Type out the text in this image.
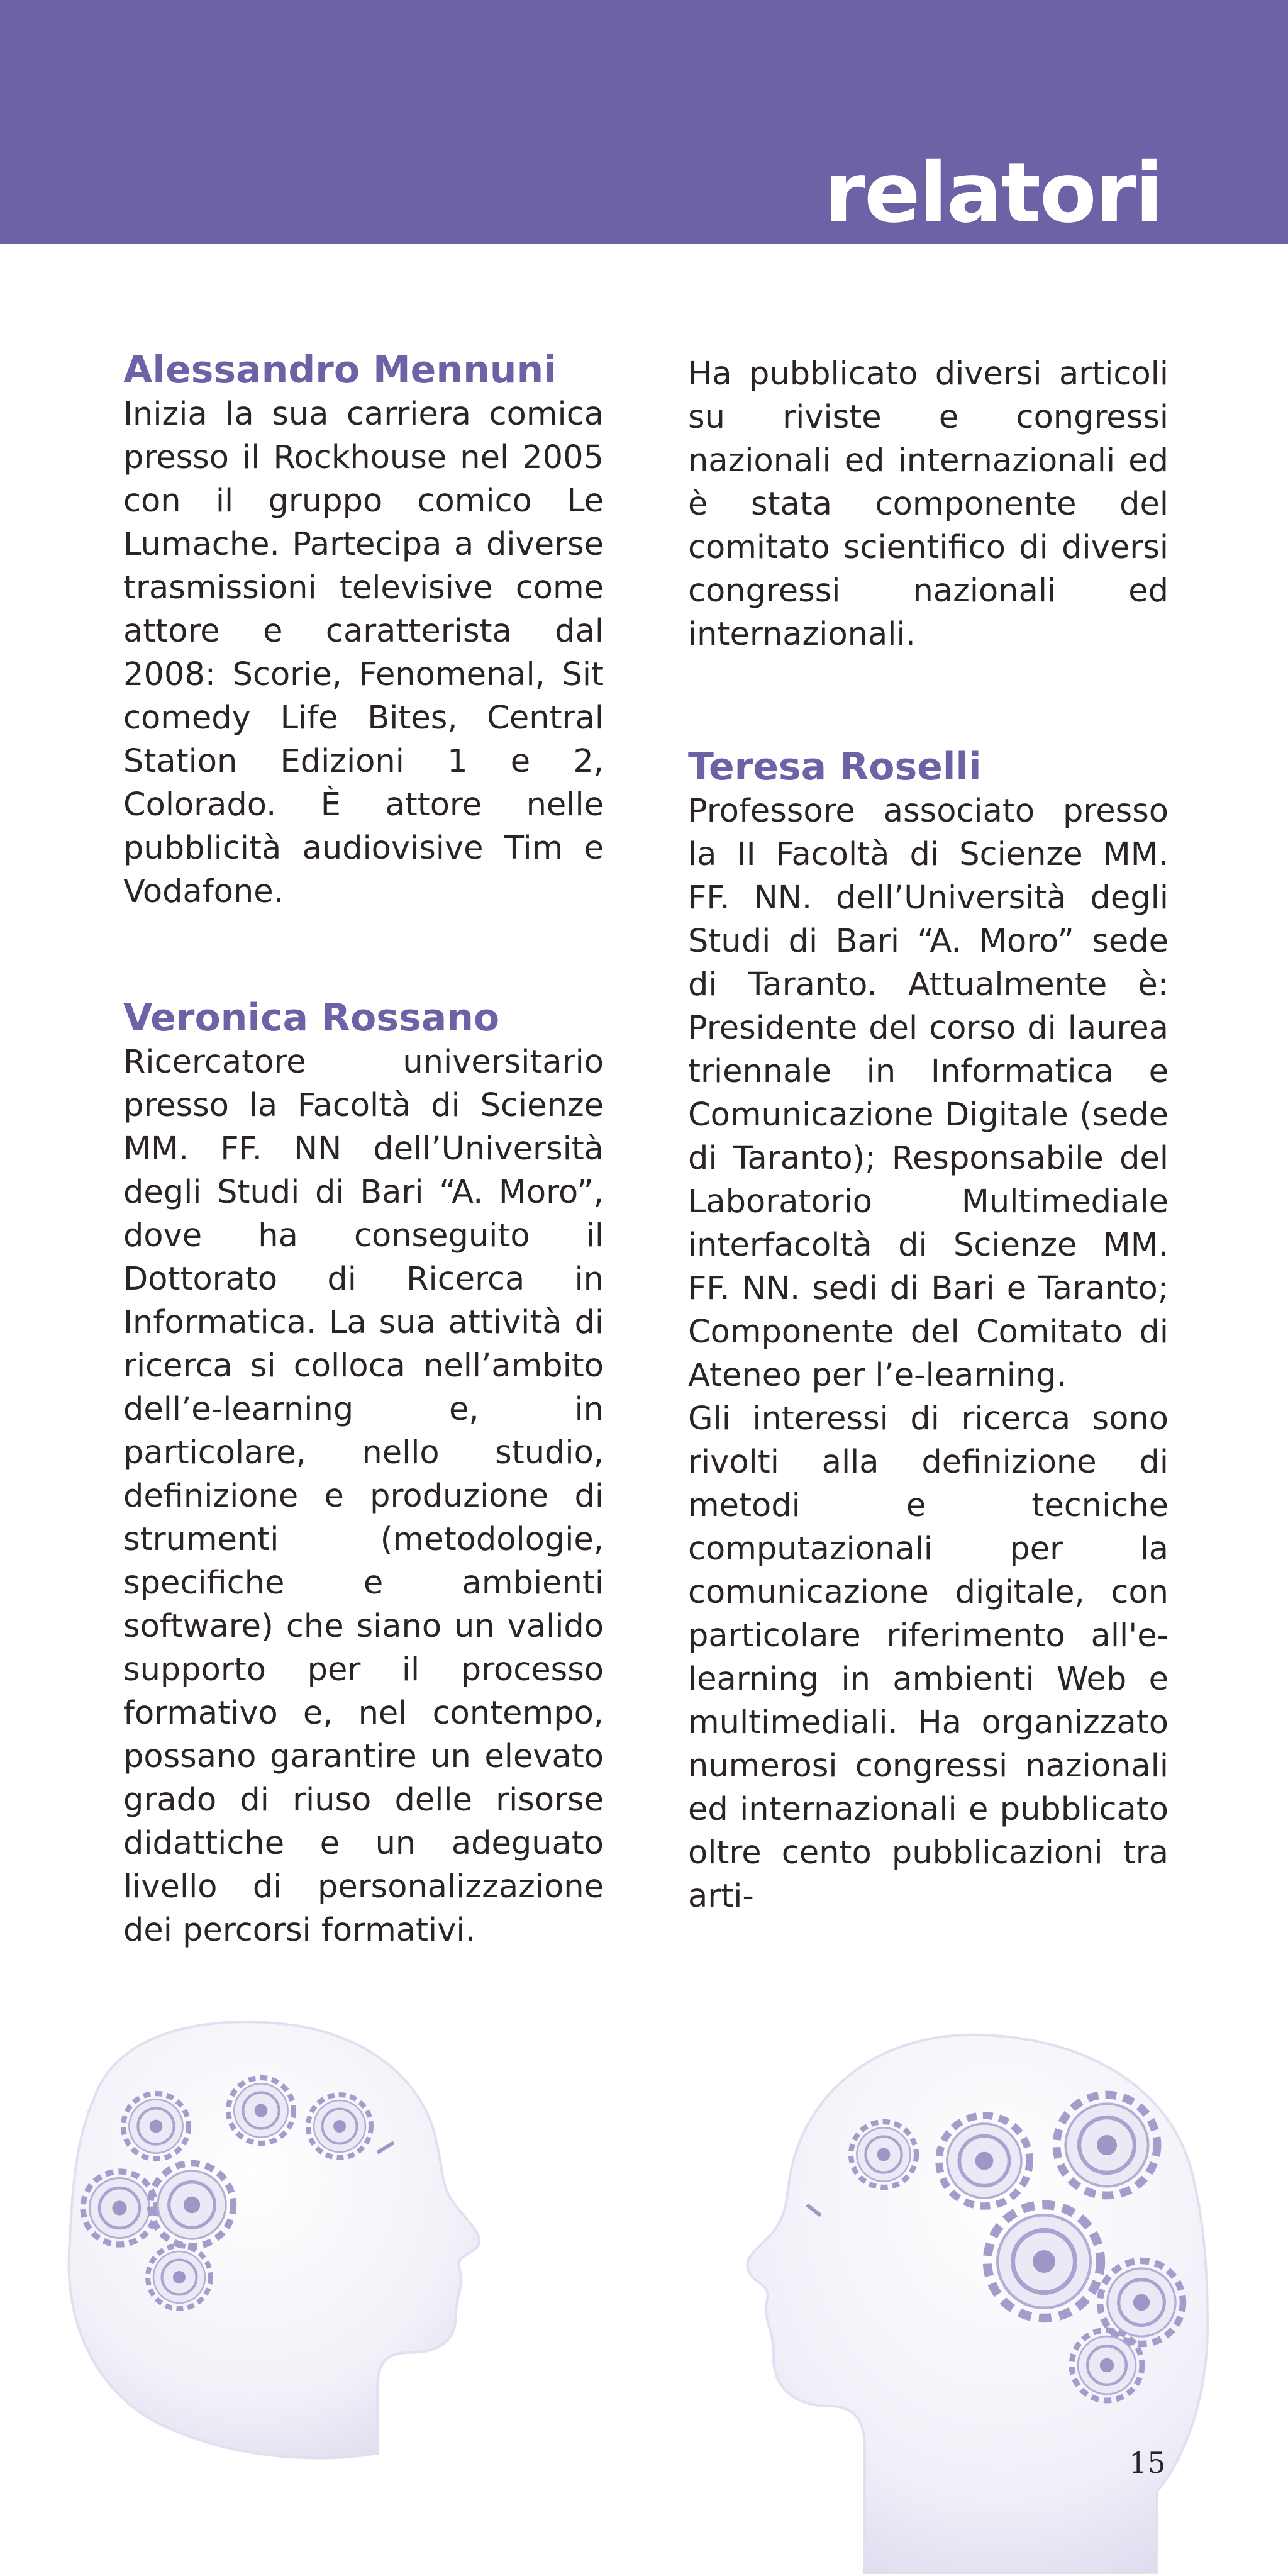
relatori

Alessandro Mennuni

Inizia la sua carriera comica presso il Rockhouse nel 2005 con il gruppo comico Le Lumache. Partecipa a diverse trasmissioni televisive come attore e caratterista dal 2008: Scorie, Fenomenal, Sit comedy Life Bites, Central Station Edizioni 1 e 2, Colorado. È attore nelle pubblicità audiovisive Tim e Vodafone.

Veronica Rossano

Ricercatore universitario presso la Facoltà di Scienze MM. FF. NN dell’Università degli Studi di Bari “A. Moro”, dove ha conseguito il Dottorato di Ricerca in Informatica. La sua attività di ricerca si colloca nell’ambito dell’e-learning e, in particolare, nello studio, definizione e produzione di strumenti (metodologie, specifiche e ambienti software) che siano un valido supporto per il processo formativo e, nel contempo, possano garantire un elevato grado di riuso delle risorse didattiche e un adeguato livello di personalizzazione dei percorsi formativi.

Ha pubblicato diversi articoli su riviste e congressi nazionali ed internazionali ed è stata componente del comitato scientifico di diversi congressi nazionali ed internazionali.

Teresa Roselli

Professore associato presso la II Facoltà di Scienze MM. FF. NN. dell’Università degli Studi di Bari “A. Moro” sede di Taranto. Attualmente è: Presidente del corso di laurea triennale in Informatica e Comunicazione Digitale (sede di Taranto); Responsabile del Laboratorio Multimediale interfacoltà di Scienze MM. FF. NN. sedi di Bari e Taranto; Componente del Comitato di Ateneo per l’e-learning.

Gli interessi di ricerca sono rivolti alla definizione di metodi e tecniche computazionali per la comunicazione digitale, con particolare riferimento all'e-learning in ambienti Web e multimediali. Ha organizzato numerosi congressi nazionali ed internazionali e pubblicato oltre cento pubblicazioni tra arti-

15
